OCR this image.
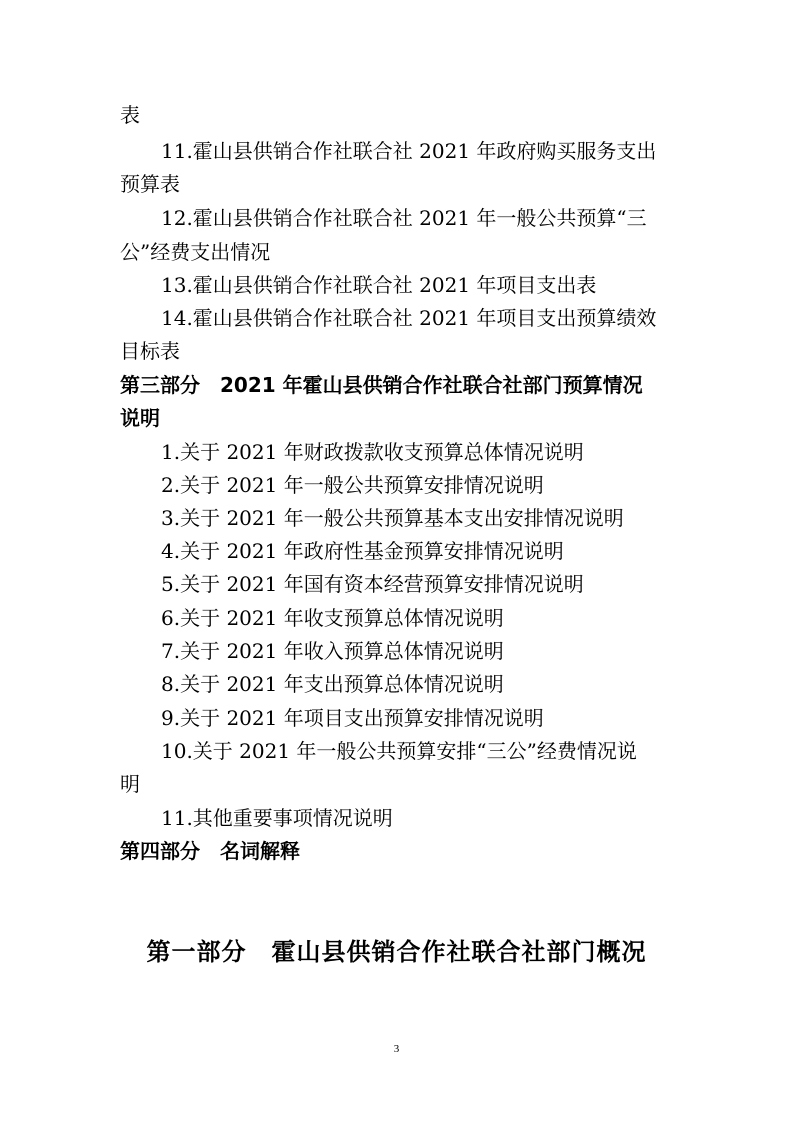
表
11.霍山县供销合作社联合社 2021 年政府购买服务支出
预算表
12.霍山县供销合作社联合社 2021 年一般公共预算“三
公”经费支出情况
13.霍山县供销合作社联合社 2021 年项目支出表
14.霍山县供销合作社联合社 2021 年项目支出预算绩效
目标表
第三部分　2021 年霍山县供销合作社联合社部门预算情况
说明
1.关于 2021 年财政拨款收支预算总体情况说明
2.关于 2021 年一般公共预算安排情况说明
3.关于 2021 年一般公共预算基本支出安排情况说明
4.关于 2021 年政府性基金预算安排情况说明
5.关于 2021 年国有资本经营预算安排情况说明
6.关于 2021 年收支预算总体情况说明
7.关于 2021 年收入预算总体情况说明
8.关于 2021 年支出预算总体情况说明
9.关于 2021 年项目支出预算安排情况说明
10.关于 2021 年一般公共预算安排“三公”经费情况说
明
11.其他重要事项情况说明
第四部分　名词解释
第一部分　霍山县供销合作社联合社部门概况
3
